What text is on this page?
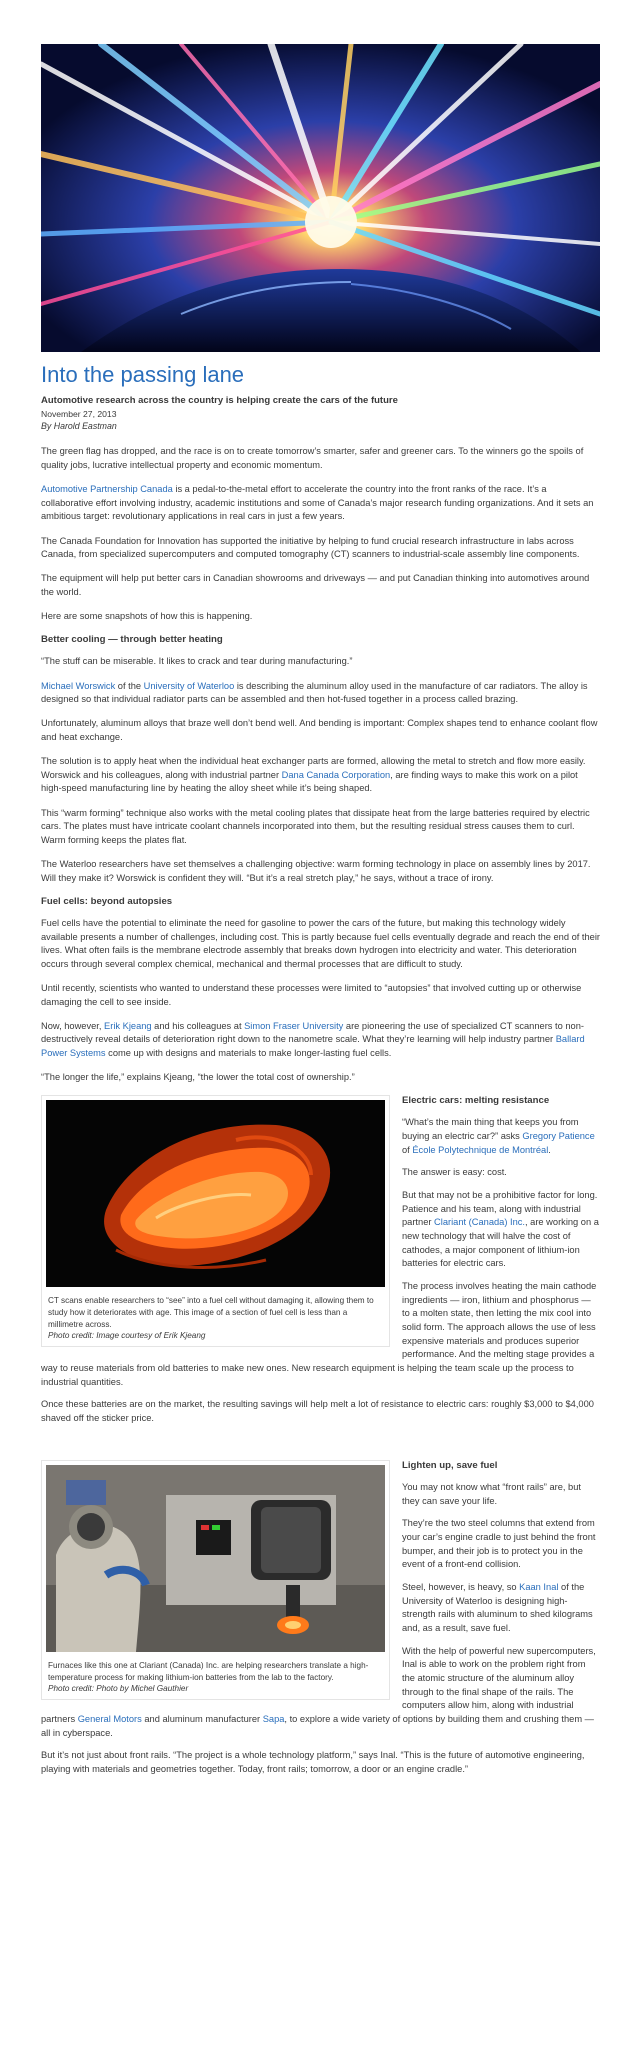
Into the passing lane
Automotive research across the country is helping create the cars of the future
November 27, 2013
By Harold Eastman

The green flag has dropped, and the race is on to create tomorrow’s smarter, safer and greener cars. To the winners go the spoils of quality jobs, lucrative intellectual property and economic momentum.

Automotive Partnership Canada is a pedal-to-the-metal effort to accelerate the country into the front ranks of the race. It’s a collaborative effort involving industry, academic institutions and some of Canada’s major research funding organizations. And it sets an ambitious target: revolutionary applications in real cars in just a few years.

The Canada Foundation for Innovation has supported the initiative by helping to fund crucial research infrastructure in labs across Canada, from specialized supercomputers and computed tomography (CT) scanners to industrial-scale assembly line components.

The equipment will help put better cars in Canadian showrooms and driveways — and put Canadian thinking into automotives around the world.

Here are some snapshots of how this is happening.

Better cooling — through better heating

“The stuff can be miserable. It likes to crack and tear during manufacturing.”

Michael Worswick of the University of Waterloo is describing the aluminum alloy used in the manufacture of car radiators. The alloy is designed so that individual radiator parts can be assembled and then hot-fused together in a process called brazing.

Unfortunately, aluminum alloys that braze well don’t bend well. And bending is important: Complex shapes tend to enhance coolant flow and heat exchange.

The solution is to apply heat when the individual heat exchanger parts are formed, allowing the metal to stretch and flow more easily. Worswick and his colleagues, along with industrial partner Dana Canada Corporation, are finding ways to make this work on a pilot high-speed manufacturing line by heating the alloy sheet while it’s being shaped.

This “warm forming” technique also works with the metal cooling plates that dissipate heat from the large batteries required by electric cars. The plates must have intricate coolant channels incorporated into them, but the resulting residual stress causes them to curl. Warm forming keeps the plates flat.

The Waterloo researchers have set themselves a challenging objective: warm forming technology in place on assembly lines by 2017. Will they make it? Worswick is confident they will. “But it’s a real stretch play,” he says, without a trace of irony.

Fuel cells: beyond autopsies

Fuel cells have the potential to eliminate the need for gasoline to power the cars of the future, but making this technology widely available presents a number of challenges, including cost. This is partly because fuel cells eventually degrade and reach the end of their lives. What often fails is the membrane electrode assembly that breaks down hydrogen into electricity and water. This deterioration occurs through several complex chemical, mechanical and thermal processes that are difficult to study.

Until recently, scientists who wanted to understand these processes were limited to “autopsies” that involved cutting up or otherwise damaging the cell to see inside.

Now, however, Erik Kjeang and his colleagues at Simon Fraser University are pioneering the use of specialized CT scanners to non-destructively reveal details of deterioration right down to the nanometre scale. What they’re learning will help industry partner Ballard Power Systems come up with designs and materials to make longer-lasting fuel cells.

“The longer the life,” explains Kjeang, “the lower the total cost of ownership.”

CT scans enable researchers to “see” into a fuel cell without damaging it, allowing them to study how it deteriorates with age. This image of a section of fuel cell is less than a millimetre across.
Photo credit: Image courtesy of Erik Kjeang
Electric cars: melting resistance

“What’s the main thing that keeps you from buying an electric car?” asks Gregory Patience of École Polytechnique de Montréal.

The answer is easy: cost.

But that may not be a prohibitive factor for long. Patience and his team, along with industrial partner Clariant (Canada) Inc., are working on a new technology that will halve the cost of cathodes, a major component of lithium-ion batteries for electric cars.

The process involves heating the main cathode ingredients — iron, lithium and phosphorus — to a molten state, then letting the mix cool into solid form. The approach allows the use of less expensive materials and produces superior performance. And the melting stage provides a way to reuse materials from old batteries to make new ones. New research equipment is helping the team scale up the process to industrial quantities.

Once these batteries are on the market, the resulting savings will help melt a lot of resistance to electric cars: roughly $3,000 to $4,000 shaved off the sticker price.

Furnaces like this one at Clariant (Canada) Inc. are helping researchers translate a high-temperature process for making lithium-ion batteries from the lab to the factory.
Photo credit: Photo by Michel Gauthier
Lighten up, save fuel

You may not know what “front rails” are, but they can save your life.

They’re the two steel columns that extend from your car’s engine cradle to just behind the front bumper, and their job is to protect you in the event of a front-end collision.

Steel, however, is heavy, so Kaan Inal of the University of Waterloo is designing high-strength rails with aluminum to shed kilograms and, as a result, save fuel.

With the help of powerful new supercomputers, Inal is able to work on the problem right from the atomic structure of the aluminum alloy through to the final shape of the rails. The computers allow him, along with industrial partners General Motors and aluminum manufacturer Sapa, to explore a wide variety of options by building them and crushing them — all in cyberspace.

But it’s not just about front rails. “The project is a whole technology platform,” says Inal. “This is the future of automotive engineering, playing with materials and geometries together. Today, front rails; tomorrow, a door or an engine cradle.”
